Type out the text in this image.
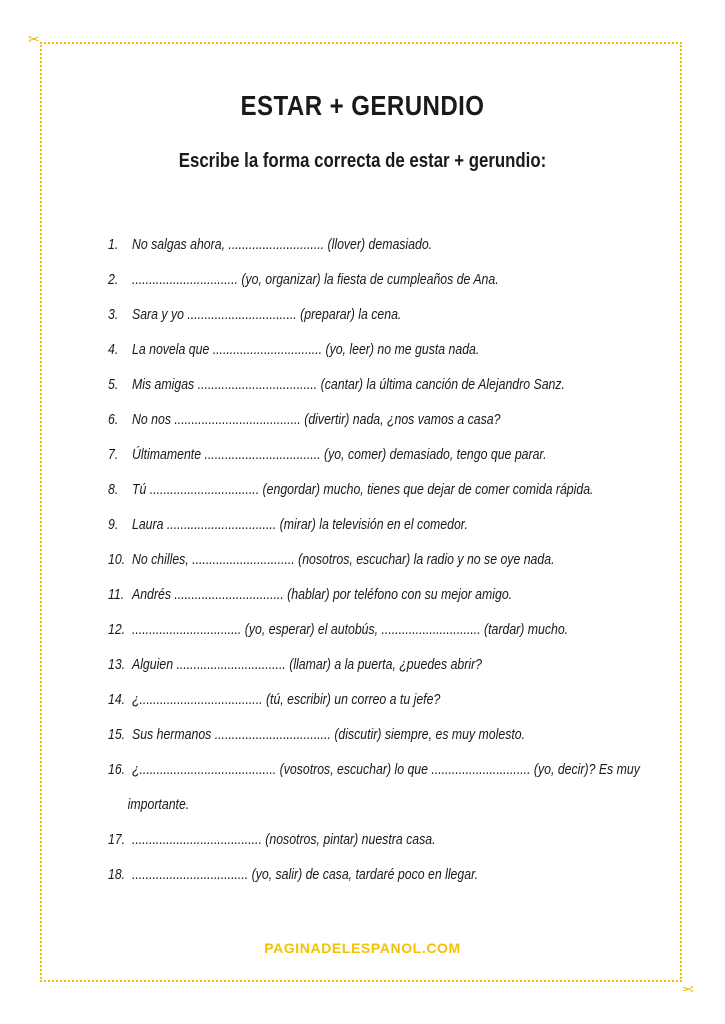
✂
✂
ESTAR + GERUNDIO
Escribe la forma correcta de estar + gerundio:
1. No salgas ahora, ............................ (llover) demasiado.
2. ............................... (yo, organizar) la fiesta de cumpleaños de Ana.
3. Sara y yo ................................ (preparar) la cena.
4. La novela que ................................ (yo, leer) no me gusta nada.
5. Mis amigas ................................... (cantar) la última canción de Alejandro Sanz.
6. No nos ..................................... (divertir) nada, ¿nos vamos a casa?
7. Últimamente .................................. (yo, comer) demasiado, tengo que parar.
8. Tú ................................ (engordar) mucho, tienes que dejar de comer comida rápida.
9. Laura ................................ (mirar) la televisión en el comedor.
10. No chilles, .............................. (nosotros, escuchar) la radio y no se oye nada.
11. Andrés ................................ (hablar) por teléfono con su mejor amigo.
12. ................................ (yo, esperar) el autobús, ............................. (tardar) mucho.
13. Alguien ................................ (llamar) a la puerta, ¿puedes abrir?
14. ¿.................................... (tú, escribir) un correo a tu jefe?
15. Sus hermanos .................................. (discutir) siempre, es muy molesto.
16. ¿........................................ (vosotros, escuchar) lo que ............................. (yo, decir)? Es muy
importante.
17. ...................................... (nosotros, pintar) nuestra casa.
18. .................................. (yo, salir) de casa, tardaré poco en llegar.
PAGINADELESPANOL.COM
